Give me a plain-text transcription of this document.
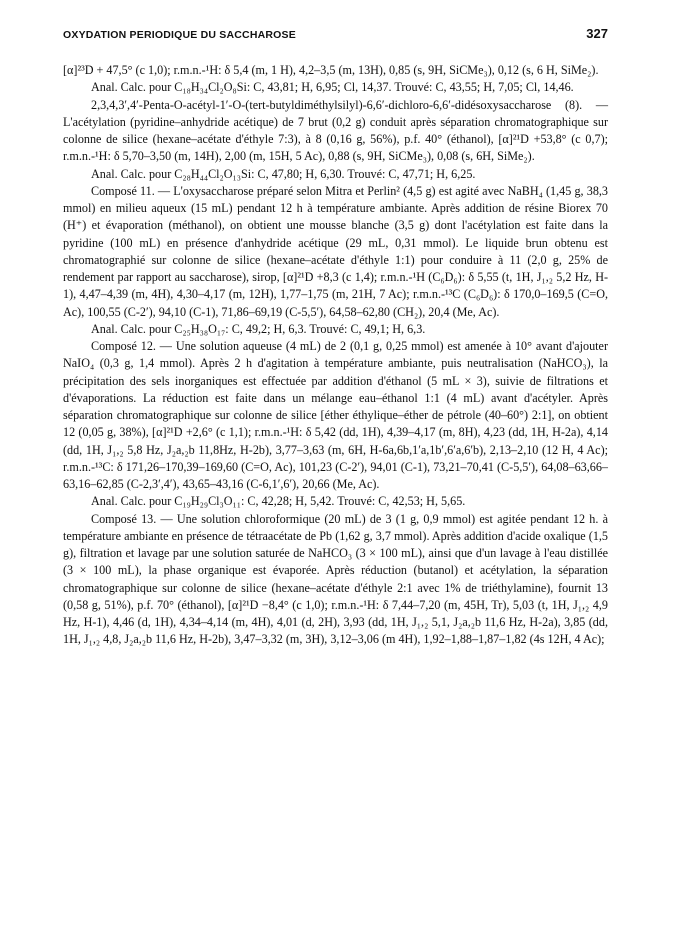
OXYDATION PERIODIQUE DU SACCHAROSE	327

[α]²³D + 47,5° (c 1,0); r.m.n.-¹H: δ 5,4 (m, 1 H), 4,2–3,5 (m, 13H), 0,85 (s, 9H, SiCMe₃), 0,12 (s, 6 H, SiMe₂).

Anal. Calc. pour C₁₈H₃₄Cl₂O₈Si: C, 43,81; H, 6,95; Cl, 14,37. Trouvé: C, 43,55; H, 7,05; Cl, 14,46.

2,3,4,3′,4′-Penta-O-acétyl-1′-O-(tert-butyldiméthylsilyl)-6,6′-dichloro-6,6′-didésoxysaccharose (8). — L'acétylation (pyridine–anhydride acétique) de 7 brut (0,2 g) conduit après séparation chromatographique sur colonne de silice (hexane–acétate d'éthyle 7:3), à 8 (0,16 g, 56%), p.f. 40° (éthanol), [α]²¹D +53,8° (c 0,7); r.m.n.-¹H: δ 5,70–3,50 (m, 14H), 2,00 (m, 15H, 5 Ac), 0,88 (s, 9H, SiCMe₃), 0,08 (s, 6H, SiMe₂).

Anal. Calc. pour C₂₈H₄₄Cl₂O₁₃Si: C, 47,80; H, 6,30. Trouvé: C, 47,71; H, 6,25.

Composé 11. — L'oxysaccharose préparé selon Mitra et Perlin² (4,5 g) est agité avec NaBH₄ (1,45 g, 38,3 mmol) en milieu aqueux (15 mL) pendant 12 h à température ambiante. Après addition de résine Biorex 70 (H⁺) et évaporation (méthanol), on obtient une mousse blanche (3,5 g) dont l'acétylation est faite dans la pyridine (100 mL) en présence d'anhydride acétique (29 mL, 0,31 mmol). Le liquide brun obtenu est chromatographié sur colonne de silice (hexane–acétate d'éthyle 1:1) pour conduire à 11 (2,0 g, 25% de rendement par rapport au saccharose), sirop, [α]²¹D +8,3 (c 1,4); r.m.n.-¹H (C₆D₆): δ 5,55 (t, 1H, J₁,₂ 5,2 Hz, H-1), 4,47–4,39 (m, 4H), 4,30–4,17 (m, 12H), 1,77–1,75 (m, 21H, 7 Ac); r.m.n.-¹³C (C₆D₆): δ 170,0–169,5 (C=O, Ac), 100,55 (C-2′), 94,10 (C-1), 71,86–69,19 (C-5,5′), 64,58–62,80 (CH₂), 20,4 (Me, Ac).

Anal. Calc. pour C₂₅H₃₈O₁₇: C, 49,2; H, 6,3. Trouvé: C, 49,1; H, 6,3.

Composé 12. — Une solution aqueuse (4 mL) de 2 (0,1 g, 0,25 mmol) est amenée à 10° avant d'ajouter NaIO₄ (0,3 g, 1,4 mmol). Après 2 h d'agitation à température ambiante, puis neutralisation (NaHCO₃), la précipitation des sels inorganiques est effectuée par addition d'éthanol (5 mL × 3), suivie de filtrations et d'évaporations. La réduction est faite dans un mélange eau–éthanol 1:1 (4 mL) avant d'acétyler. Après séparation chromatographique sur colonne de silice [éther éthylique–éther de pétrole (40–60°) 2:1], on obtient 12 (0,05 g, 38%), [α]²¹D +2,6° (c 1,1); r.m.n.-¹H: δ 5,42 (dd, 1H), 4,39–4,17 (m, 8H), 4,23 (dd, 1H, H-2a), 4,14 (dd, 1H, J₁,₂ 5,8 Hz, J₂a,₂b 11,8Hz, H-2b), 3,77–3,63 (m, 6H, H-6a,6b,1′a,1b′,6′a,6′b), 2,13–2,10 (12 H, 4 Ac); r.m.n.-¹³C: δ 171,26–170,39–169,60 (C=O, Ac), 101,23 (C-2′), 94,01 (C-1), 73,21–70,41 (C-5,5′), 64,08–63,66–63,16–62,85 (C-2,3′,4′), 43,65–43,16 (C-6,1′,6′), 20,66 (Me, Ac).

Anal. Calc. pour C₁₉H₂₉Cl₃O₁₁: C, 42,28; H, 5,42. Trouvé: C, 42,53; H, 5,65.

Composé 13. — Une solution chloroformique (20 mL) de 3 (1 g, 0,9 mmol) est agitée pendant 12 h. à température ambiante en présence de tétraacétate de Pb (1,62 g, 3,7 mmol). Après addition d'acide oxalique (1,5 g), filtration et lavage par une solution saturée de NaHCO₃ (3 × 100 mL), ainsi que d'un lavage à l'eau distillée (3 × 100 mL), la phase organique est évaporée. Après réduction (butanol) et acétylation, la séparation chromatographique sur colonne de silice (hexane–acétate d'éthyle 2:1 avec 1% de triéthylamine), fournit 13 (0,58 g, 51%), p.f. 70° (éthanol), [α]²¹D −8,4° (c 1,0); r.m.n.-¹H: δ 7,44–7,20 (m, 45H, Tr), 5,03 (t, 1H, J₁,₂ 4,9 Hz, H-1), 4,46 (d, 1H), 4,34–4,14 (m, 4H), 4,01 (d, 2H), 3,93 (dd, 1H, J₁,₂ 5,1, J₂a,₂b 11,6 Hz, H-2a), 3,85 (dd, 1H, J₁,₂ 4,8, J₂a,₂b 11,6 Hz, H-2b), 3,47–3,32 (m, 3H), 3,12–3,06 (m 4H), 1,92–1,88–1,87–1,82 (4s 12H, 4 Ac);
